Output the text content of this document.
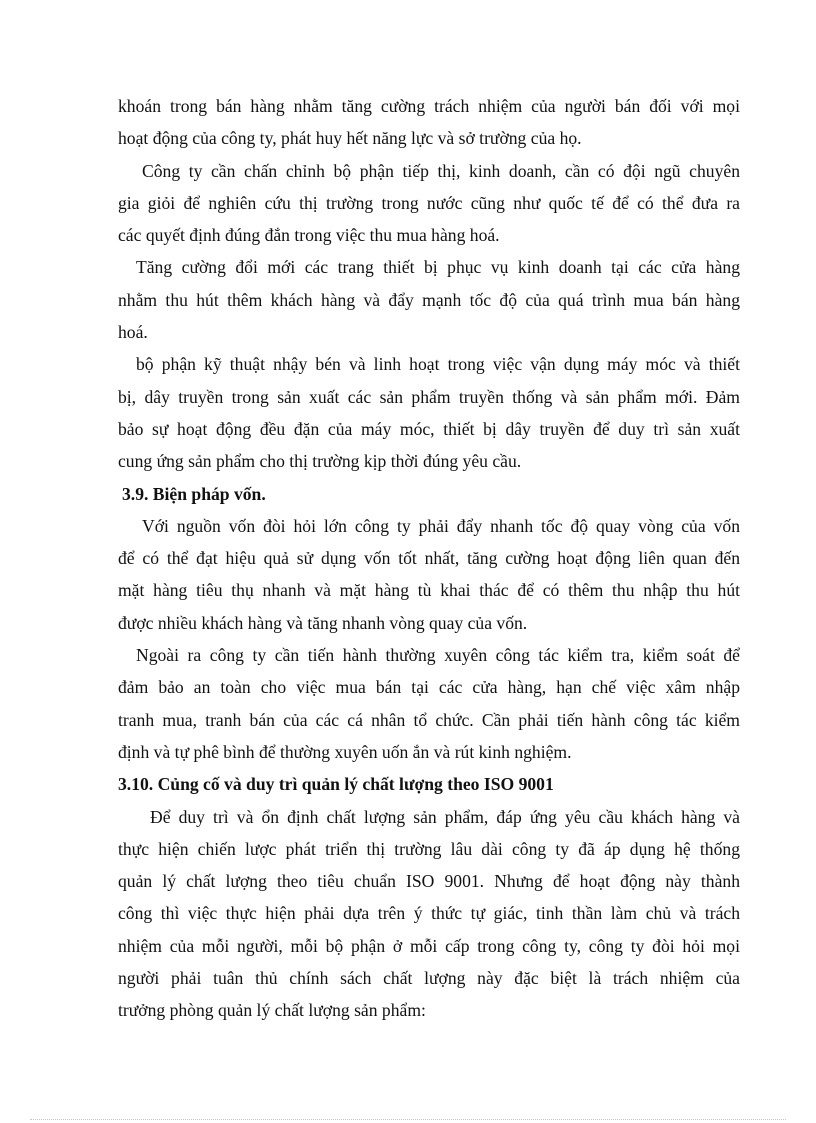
khoán trong bán hàng nhằm tăng cường trách nhiệm của người bán đối với mọi
hoạt động của công ty, phát huy hết năng lực và sở trường của họ.
Công ty cần chấn chỉnh bộ phận tiếp thị, kinh doanh, cần có đội ngũ chuyên
gia giỏi để nghiên cứu thị trường trong nước cũng như quốc tế để có thể đưa ra
các quyết định đúng đắn trong việc thu mua hàng hoá.
Tăng cường đổi mới các trang thiết bị phục vụ kinh doanh tại các cửa hàng
nhằm thu hút thêm khách hàng và đẩy mạnh tốc độ của quá trình mua bán hàng
hoá.
bộ phận kỹ thuật nhậy bén và linh hoạt trong việc vận dụng máy móc và thiết
bị, dây truyền trong sản xuất các sản phẩm truyền thống và sản phẩm mới. Đảm
bảo sự hoạt động đều đặn của máy móc, thiết bị dây truyền để duy trì sản xuất
cung ứng sản phẩm cho thị trường kịp thời đúng yêu cầu.
3.9. Biện pháp vốn.
Với nguồn vốn đòi hỏi lớn công ty phải đẩy nhanh tốc độ quay vòng của vốn
để có thể đạt hiệu quả sử dụng vốn tốt nhất, tăng cường hoạt động liên quan đến
mặt hàng tiêu thụ nhanh và mặt hàng tù khai thác để có thêm thu nhập thu hút
được nhiều khách hàng và tăng nhanh vòng quay của vốn.
Ngoài ra công ty cần tiến hành thường xuyên công tác kiểm tra, kiểm soát để
đảm bảo an toàn cho việc mua bán tại các cửa hàng, hạn chế việc xâm nhập
tranh mua, tranh bán của các cá nhân tổ chức. Cần phải tiến hành công tác kiểm
định và tự phê bình để thường xuyên uốn ắn và rút kinh nghiệm.
3.10. Củng cố và duy trì quản lý chất lượng theo ISO 9001
Để duy trì và ổn định chất lượng sản phẩm, đáp ứng yêu cầu khách hàng và
thực hiện chiến lược phát triển thị trường lâu dài công ty đã áp dụng hệ thống
quản lý chất lượng theo tiêu chuẩn ISO 9001. Nhưng để hoạt động này thành
công thì việc thực hiện phải dựa trên ý thức tự giác, tinh thần làm chủ và trách
nhiệm của mỗi người, mỗi bộ phận ở mỗi cấp trong công ty, công ty đòi hỏi mọi
người phải tuân thủ chính sách chất lượng này đặc biệt là trách nhiệm của
trưởng phòng quản lý chất lượng sản phẩm:
